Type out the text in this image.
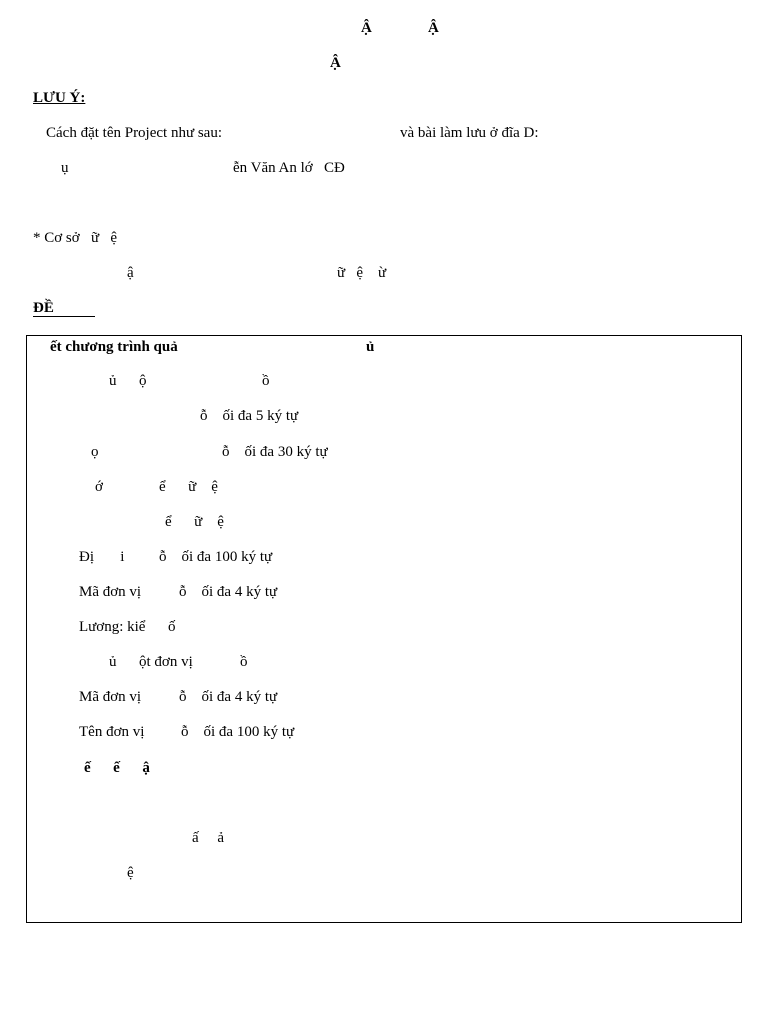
Ậ	Ậ
Ậ
LƯU Ý:
Cách đặt tên Project như sau:	và bài làm lưu ở đĩa D:
ụ	ễn Văn An lớ   CĐ
* Cơ sở   ữ   ệ
ậ	ữ   ệ    ừ
ĐỀ
ết chương trình quả	ủ
ủ      ộ	ồ
ỗ    ối đa 5 ký tự
ọ	ỗ    ối đa 30 ký tự
ớ	ể      ữ    ệ
ể      ữ    ệ
Đị       i ỗ    ối đa 100 ký tự
Mã đơn vị	ỗ    ối đa 4 ký tự
Lương: kiể      ố
ủ      ột đơn vị	ồ
Mã đơn vị	ỗ    ối đa 4 ký tự
Tên đơn vị ỗ    ối đa 100 ký tự
ế      ế      ậ
ấ     ả
ệ
